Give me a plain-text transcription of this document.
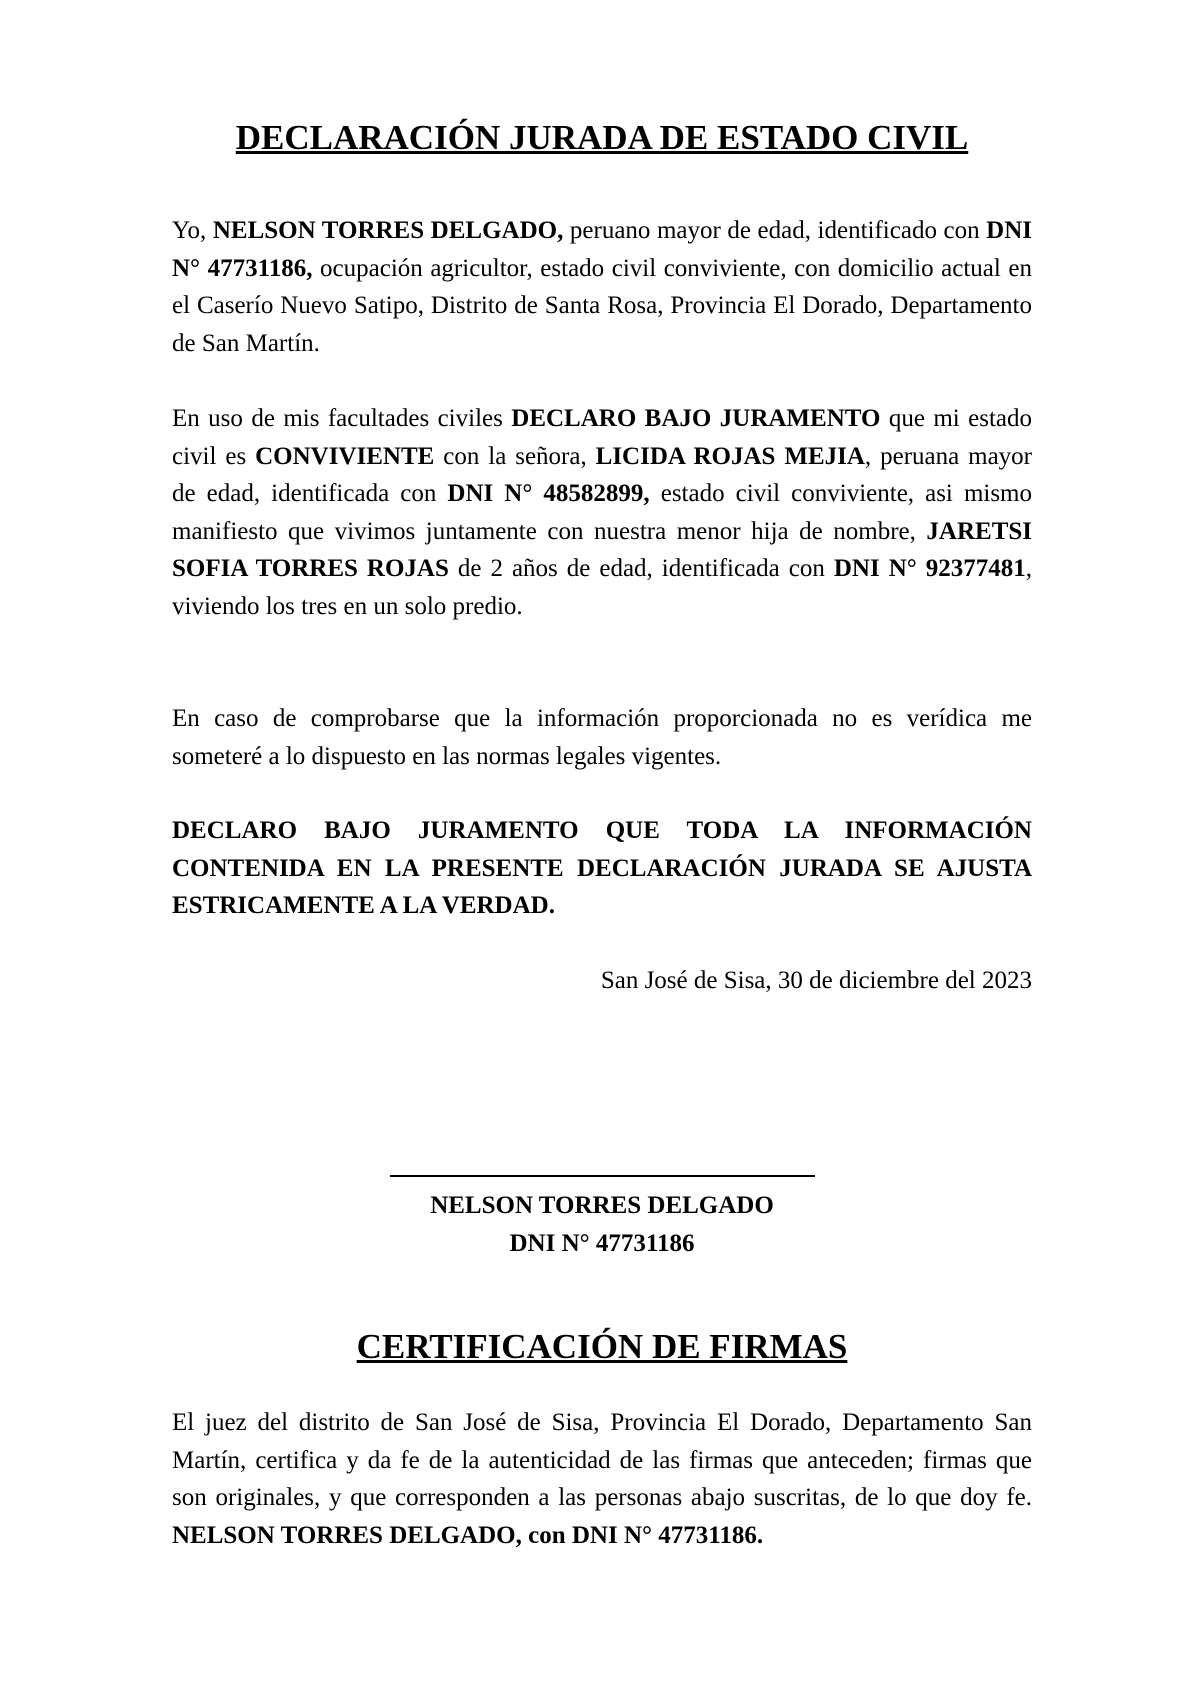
DECLARACIÓN JURADA DE ESTADO CIVIL

Yo, NELSON TORRES DELGADO, peruano mayor de edad, identificado con DNI N° 47731186, ocupación agricultor, estado civil conviviente, con domicilio actual en el Caserío Nuevo Satipo, Distrito de Santa Rosa, Provincia El Dorado, Departamento de San Martín.

En uso de mis facultades civiles DECLARO BAJO JURAMENTO que mi estado civil es CONVIVIENTE con la señora, LICIDA ROJAS MEJIA, peruana mayor de edad, identificada con DNI N° 48582899, estado civil conviviente, asi mismo manifiesto que vivimos juntamente con nuestra menor hija de nombre, JARETSI SOFIA TORRES ROJAS de 2 años de edad, identificada con DNI N° 92377481, viviendo los tres en un solo predio.

En caso de comprobarse que la información proporcionada no es verídica me someteré a lo dispuesto en las normas legales vigentes.

DECLARO BAJO JURAMENTO QUE TODA LA INFORMACIÓN CONTENIDA EN LA PRESENTE DECLARACIÓN JURADA SE AJUSTA ESTRICAMENTE A LA VERDAD.

San José de Sisa, 30 de diciembre del 2023

NELSON TORRES DELGADO

DNI N° 47731186

CERTIFICACIÓN DE FIRMAS

El juez del distrito de San José de Sisa, Provincia El Dorado, Departamento San Martín, certifica y da fe de la autenticidad de las firmas que anteceden; firmas que son originales, y que corresponden a las personas abajo suscritas, de lo que doy fe. NELSON TORRES DELGADO, con DNI N° 47731186.
